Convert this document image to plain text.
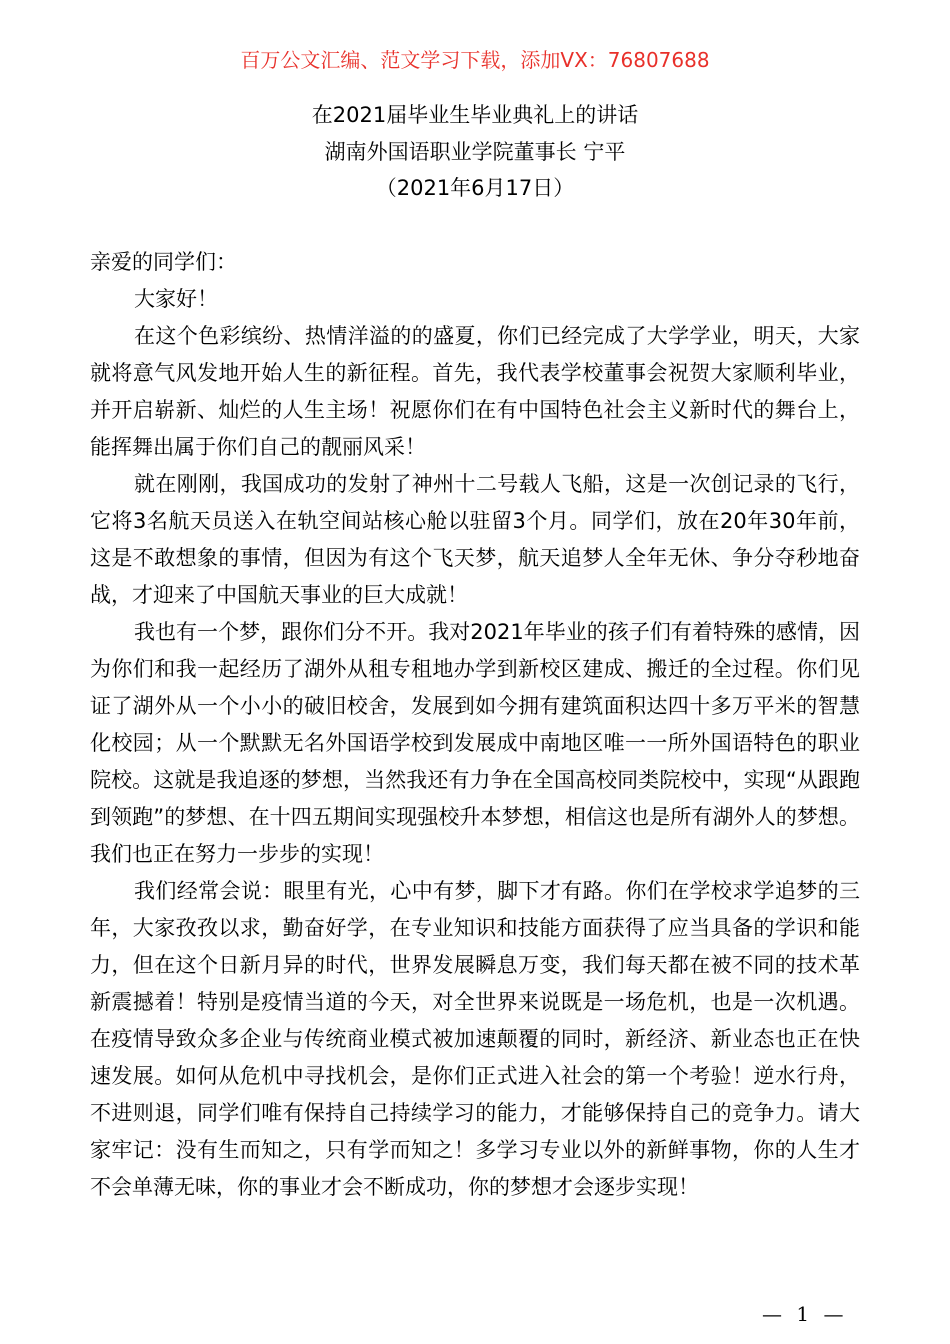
百万公文汇编、范文学习下载，添加VX：76807688
在2021届毕业生毕业典礼上的讲话
湖南外国语职业学院董事长 宁平
（2021年6月17日）

亲爱的同学们：

大家好！

在这个色彩缤纷、热情洋溢的的盛夏，你们已经完成了大学学业，明天，大家就将意气风发地开始人生的新征程。首先，我代表学校董事会祝贺大家顺利毕业，并开启崭新、灿烂的人生主场！祝愿你们在有中国特色社会主义新时代的舞台上，能挥舞出属于你们自己的靓丽风采！

就在刚刚，我国成功的发射了神州十二号载人飞船，这是一次创记录的飞行，它将3名航天员送入在轨空间站核心舱以驻留3个月。同学们，放在20年30年前，这是不敢想象的事情，但因为有这个飞天梦，航天追梦人全年无休、争分夺秒地奋战，才迎来了中国航天事业的巨大成就！

我也有一个梦，跟你们分不开。我对2021年毕业的孩子们有着特殊的感情，因为你们和我一起经历了湖外从租专租地办学到新校区建成、搬迁的全过程。你们见证了湖外从一个小小的破旧校舍，发展到如今拥有建筑面积达四十多万平米的智慧化校园；从一个默默无名外国语学校到发展成中南地区唯一一所外国语特色的职业院校。这就是我追逐的梦想，当然我还有力争在全国高校同类院校中，实现“从跟跑到领跑”的梦想、在十四五期间实现强校升本梦想，相信这也是所有湖外人的梦想。我们也正在努力一步步的实现！

我们经常会说：眼里有光，心中有梦，脚下才有路。你们在学校求学追梦的三年，大家孜孜以求，勤奋好学，在专业知识和技能方面获得了应当具备的学识和能力，但在这个日新月异的时代，世界发展瞬息万变，我们每天都在被不同的技术革新震撼着！特别是疫情当道的今天，对全世界来说既是一场危机，也是一次机遇。在疫情导致众多企业与传统商业模式被加速颠覆的同时，新经济、新业态也正在快速发展。如何从危机中寻找机会，是你们正式进入社会的第一个考验！逆水行舟，不进则退，同学们唯有保持自己持续学习的能力，才能够保持自己的竞争力。请大家牢记：没有生而知之，只有学而知之！多学习专业以外的新鲜事物，你的人生才不会单薄无味，你的事业才会不断成功，你的梦想才会逐步实现！

— 1 —
